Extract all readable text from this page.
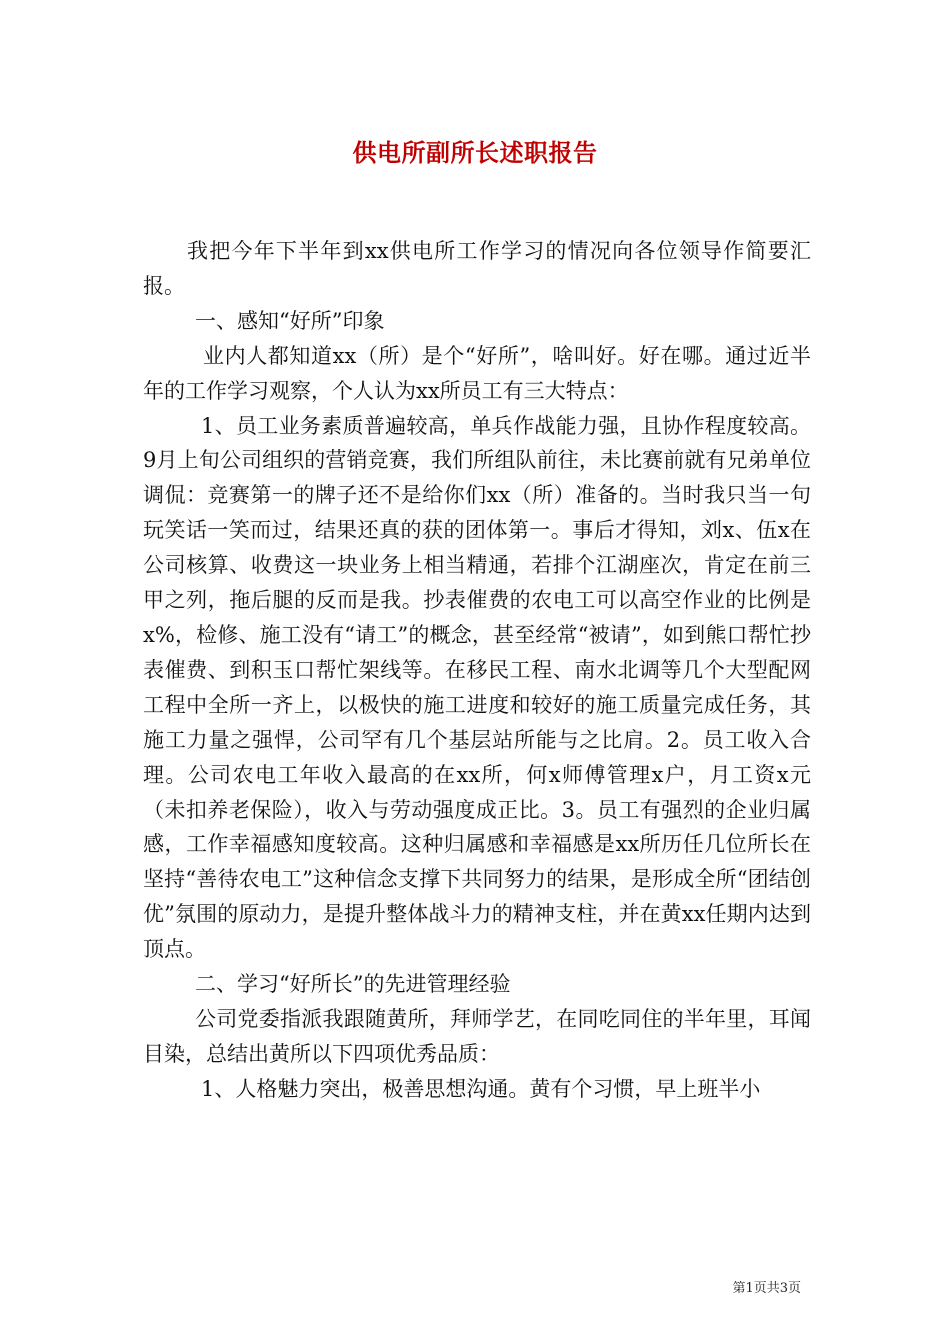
供电所副所长述职报告

我把今年下半年到xx供电所工作学习的情况向各位领导作简要汇报。

一、感知“好所”印象

业内人都知道xx（所）是个“好所”，啥叫好。好在哪。通过近半年的工作学习观察，个人认为xx所员工有三大特点：

1、员工业务素质普遍较高，单兵作战能力强，且协作程度较高。9月上旬公司组织的营销竞赛，我们所组队前往，未比赛前就有兄弟单位调侃：竞赛第一的牌子还不是给你们xx（所）准备的。当时我只当一句玩笑话一笑而过，结果还真的获的团体第一。事后才得知，刘x、伍x在公司核算、收费这一块业务上相当精通，若排个江湖座次，肯定在前三甲之列，拖后腿的反而是我。抄表催费的农电工可以高空作业的比例是x%，检修、施工没有“请工”的概念，甚至经常“被请”，如到熊口帮忙抄表催费、到积玉口帮忙架线等。在移民工程、南水北调等几个大型配网工程中全所一齐上，以极快的施工进度和较好的施工质量完成任务，其施工力量之强悍，公司罕有几个基层站所能与之比肩。2。员工收入合理。公司农电工年收入最高的在xx所，何x师傅管理x户，月工资x元（未扣养老保险），收入与劳动强度成正比。3。员工有强烈的企业归属感，工作幸福感知度较高。这种归属感和幸福感是xx所历任几位所长在坚持“善待农电工”这种信念支撑下共同努力的结果，是形成全所“团结创优”氛围的原动力，是提升整体战斗力的精神支柱，并在黄xx任期内达到顶点。

二、学习“好所长”的先进管理经验

公司党委指派我跟随黄所，拜师学艺，在同吃同住的半年里，耳闻目染，总结出黄所以下四项优秀品质：

1、人格魅力突出，极善思想沟通。黄有个习惯，早上班半小

第1页共3页
